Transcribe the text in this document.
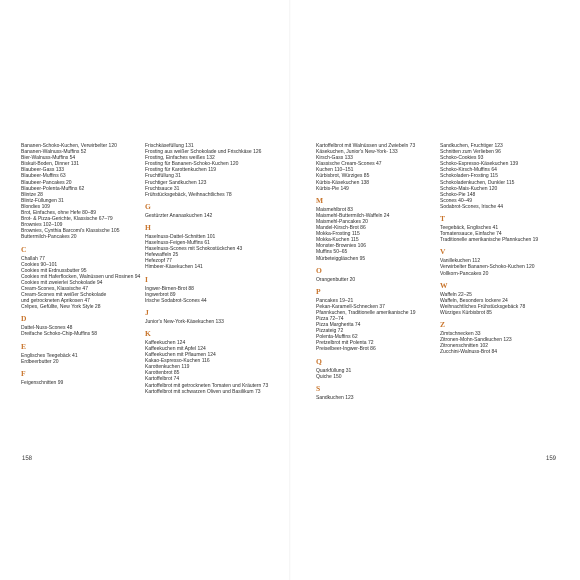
Bananen-Schoko-Kuchen, Verwirbelter 120
Bananen-Walnuss-Muffins 52
Bier-Walnuss-Muffins 54
Biskuit-Boden, Dinner 131
Blaubeer-Gass 133
Blaubeer-Muffins 63
Blaubeer-Pancakes 20
Blaubeer-Polenta-Muffins 62
Blintze 28
Blintz-Füllungen 31
Blondies 109
Brot, Einfaches, ohne Hefe 80–89
Brot- & Pizza-Gerichte, Klassische 67–79
Brownies 102–109
Brownies, Cynthia Barcomi's Klassische 105
Buttermilch-Pancakes 20
C
Challah 77
Cookies 90–101
Cookies mit Erdnussbutter 95
Cookies mit Haferflocken, Walnüssen und Rosinen 94
Cookies mit zweierlei Schokolade 94
Cream-Scones, Klassische 47
Cream-Scones mit weißer Schokolade
und getrockneten Aprikosen 47
Crêpes, Gefüllte, New York Style 28
D
Dattel-Nuss-Scones 48
Dreifache Schoko-Chip-Muffins 58
E
Englisches Teegebäck 41
Erdbeerbutter 20
F
Feigenschnitten 99
Frischkäsefüllung 131
Frosting aus weißer Schokolade und Frischkäse 126
Frosting, Einfaches weißes 132
Frosting für Bananen-Schoko-Kuchen 120
Frosting für Karottenkuchen 119
Fruchtfüllung 31
Fruchtiger Sandkuchen 123
Fruchtsauce 31
Frühstücksgebäck, Weihnachtliches 78
G
Gestürzter Ananaskuchen 142
H
Haselnuss-Dattel-Schnitten 101
Haselnuss-Feigen-Muffins 61
Haselnuss-Scones mit Schokostückchen 43
Hefewaffeln 25
Hefezopf 77
Himbeer-Käsekuchen 141
I
Ingwer-Birnen-Brot 88
Ingwerbrot 89
Irische Sodabrot-Scones 44
J
Junior's New-York-Käsekuchen 133
K
Kaffeekuchen 124
Kaffeekuchen mit Apfel 124
Kaffeekuchen mit Pflaumen 124
Kakao-Espresso-Kuchen 116
Karottenkuchen 119
Karottenbrot 85
Kartoffelbrot 74
Kartoffelbrot mit getrockneten Tomaten und Kräutern 73
Kartoffelbrot mit schwarzen Oliven und Basilikum 73
Kartoffelbrot mit Walnüssen und Zwiebeln 73
Käsekuchen, Junior's New-York- 133
Kirsch-Gass 133
Klassische Cream-Scones 47
Kuchen 110–151
Kürbisbrot, Würziges 85
Kürbis-Käsekuchen 138
Kürbis-Pie 149
M
Maismehlbrot 83
Maismehl-Buttermilch-Waffeln 24
Maismehl-Pancakes 20
Mandel-Kirsch-Brot 86
Mokka-Frosting 115
Mokka-Kuchen 115
Monster-Brownies 106
Muffins 50–65
Mürbeteiggläschen 95
O
Orangenbutter 20
P
Pancakes 19–21
Pekan-Karamell-Schnecken 37
Pfannkuchen, Traditionelle amerikanische 19
Pizza 72–74
Pizza Margherita 74
Pizzateig 72
Polenta-Muffins 62
Pretzelbrot mit Polenta 72
Preiselbeer-Ingwer-Brot 86
Q
Quarkfüllung 31
Quiche 150
S
Sandkuchen 123
Sandkuchen, Fruchtiger 123
Schnitten zum Verlieben 96
Schoko-Cookies 93
Schoko-Espresso-Käsekuchen 139
Schoko-Kirsch-Muffins 64
Schokoladen-Frosting 115
Schokoladenkuchen, Dunkler 115
Schoko-Mais-Kuchen 120
Schoko-Pie 148
Scones 40–49
Sodabrot-Scones, Irische 44
T
Teegebäck, Englisches 41
Tomatensauce, Einfache 74
Traditionelle amerikanische Pfannkuchen 19
V
Vanillekuchen 112
Verwirbelter Bananen-Schoko-Kuchen 120
Vollkorn-Pancakes 20
W
Waffeln 22–25
Waffeln, Besonders lockere 24
Weihnachtliches Frühstücksgebäck 78
Würziges Kürbisbrot 85
Z
Zimtschnecken 33
Zitronen-Mohn-Sandkuchen 123
Zitronenschnitten 102
Zucchini-Walnuss-Brot 84
158	159
